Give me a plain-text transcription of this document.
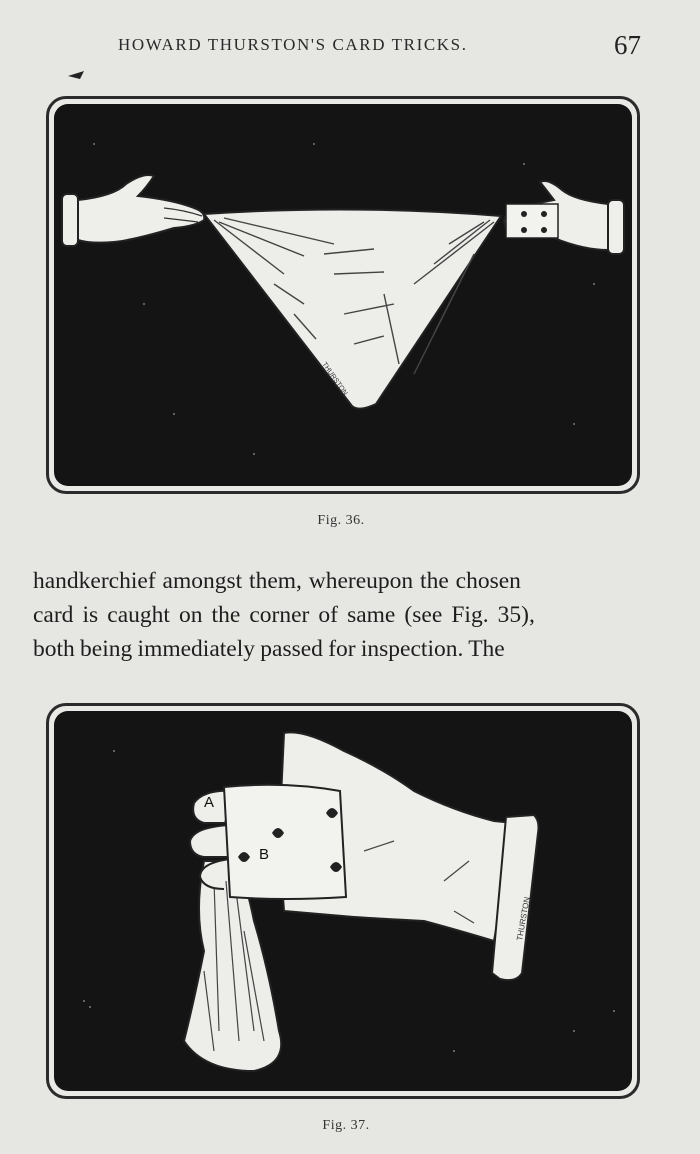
HOWARD THURSTON'S CARD TRICKS.	67
THURSTON
Fig. 36.

handkerchief amongst them, whereupon the chosen
card is caught on the corner of same (see Fig. 35),
both being immediately passed for inspection. The

THURSTON
A
B
Fig. 37.
